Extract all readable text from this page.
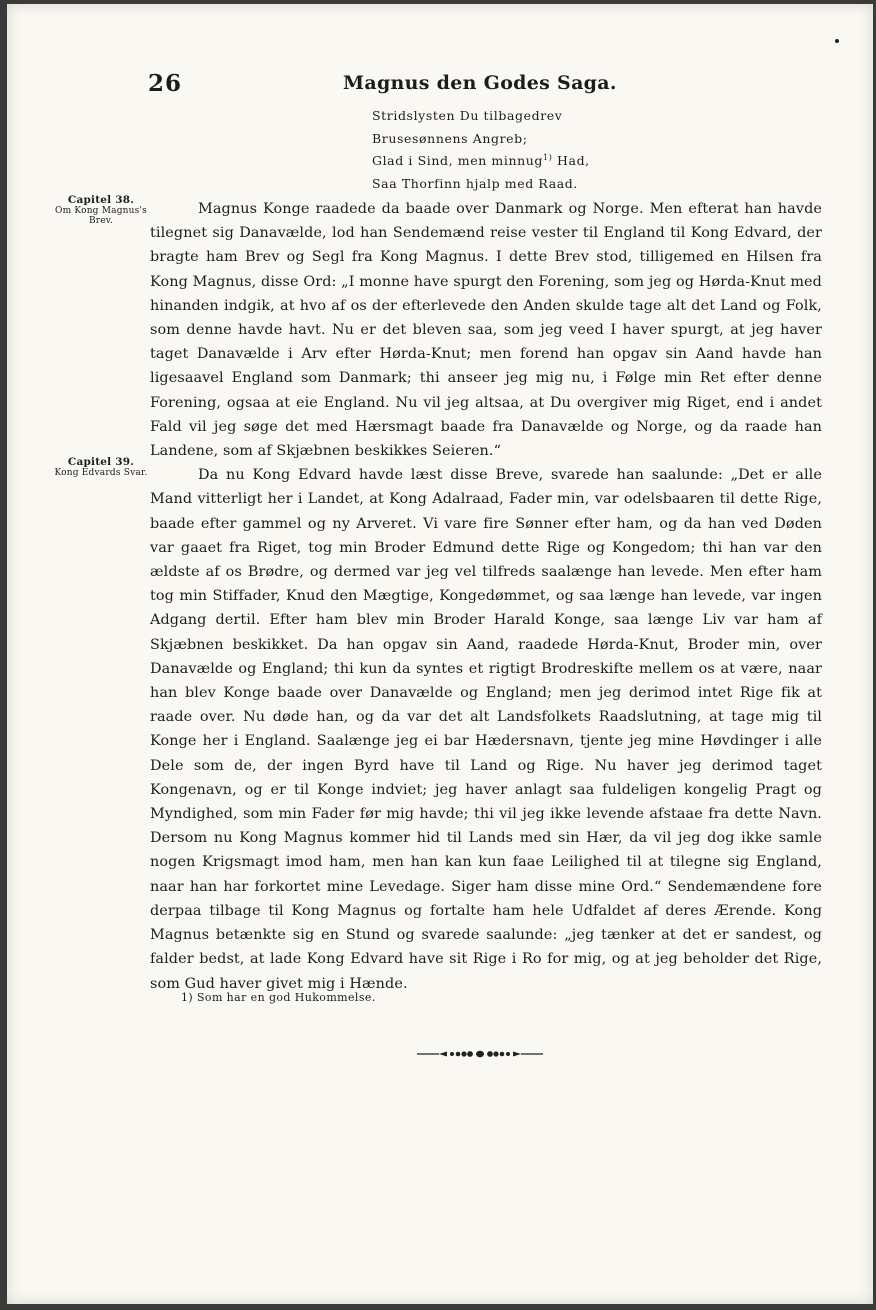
26	Magnus den Godes Saga.
Stridslysten Du tilbagedrev
Brusesønnens Angreb;
Glad i Sind, men minnug$^{1)}$ Had,
Saa Thorfinn hjalp med Raad.
Capitel 38.
Om Kong Magnus's Brev.
Capitel 39.
Kong Edvards Svar.

Magnus Konge raadede da baade over Danmark og Norge. Men efterat han havde tilegnet sig Danavælde, lod han Sendemænd reise vester til England til Kong Edvard, der bragte ham Brev og Segl fra Kong Magnus. I dette Brev stod, tilligemed en Hilsen fra Kong Magnus, disse Ord: „I monne have spurgt den Forening, som jeg og Hørda-Knut med hinanden indgik, at hvo af os der efterlevede den Anden skulde tage alt det Land og Folk, som denne havde havt. Nu er det bleven saa, som jeg veed I haver spurgt, at jeg haver taget Danavælde i Arv efter Hørda-Knut; men forend han opgav sin Aand havde han ligesaavel England som Danmark; thi anseer jeg mig nu, i Følge min Ret efter denne Forening, ogsaa at eie England. Nu vil jeg altsaa, at Du overgiver mig Riget, end i andet Fald vil jeg søge det med Hærsmagt baade fra Danavælde og Norge, og da raade han Landene, som af Skjæbnen beskikkes Seieren.“

Da nu Kong Edvard havde læst disse Breve, svarede han saalunde: „Det er alle Mand vitterligt her i Landet, at Kong Adalraad, Fader min, var odelsbaaren til dette Rige, baade efter gammel og ny Arveret. Vi vare fire Sønner efter ham, og da han ved Døden var gaaet fra Riget, tog min Broder Edmund dette Rige og Kongedom; thi han var den ældste af os Brødre, og dermed var jeg vel tilfreds saalænge han levede. Men efter ham tog min Stiffader, Knud den Mægtige, Kongedømmet, og saa længe han levede, var ingen Adgang dertil. Efter ham blev min Broder Harald Konge, saa længe Liv var ham af Skjæbnen beskikket. Da han opgav sin Aand, raadede Hørda-Knut, Broder min, over Danavælde og England; thi kun da syntes et rigtigt Brodreskifte mellem os at være, naar han blev Konge baade over Danavælde og England; men jeg derimod intet Rige fik at raade over. Nu døde han, og da var det alt Landsfolkets Raadslutning, at tage mig til Konge her i England. Saalænge jeg ei bar Hædersnavn, tjente jeg mine Høvdinger i alle Dele som de, der ingen Byrd have til Land og Rige. Nu haver jeg derimod taget Kongenavn, og er til Konge indviet; jeg haver anlagt saa fuldeligen kongelig Pragt og Myndighed, som min Fader før mig havde; thi vil jeg ikke levende afstaae fra dette Navn. Dersom nu Kong Magnus kommer hid til Lands med sin Hær, da vil jeg dog ikke samle nogen Krigsmagt imod ham, men han kan kun faae Leilighed til at tilegne sig England, naar han har forkortet mine Levedage. Siger ham disse mine Ord.“ Sendemændene fore derpaa tilbage til Kong Magnus og fortalte ham hele Udfaldet af deres Ærende. Kong Magnus betænkte sig en Stund og svarede saalunde: „jeg tænker at det er sandest, og falder bedst, at lade Kong Edvard have sit Rige i Ro for mig, og at jeg beholder det Rige, som Gud haver givet mig i Hænde.

1) Som har en god Hukommelse.
